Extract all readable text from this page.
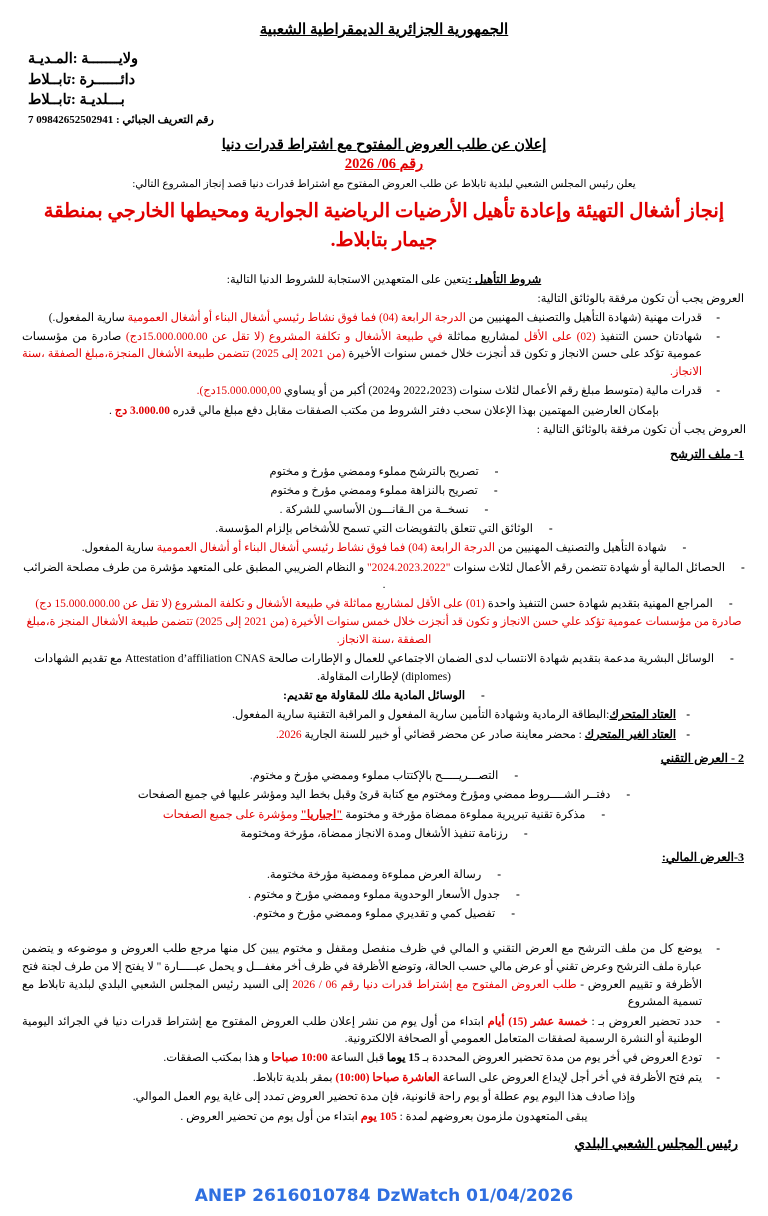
الجمهورية الجزائرية الديمقراطية الشعبية
ولايـــــــة :المـديـة
دائــــــرة :تابــلاط
بـــلديـة :تابــلاط
رقم التعريف الجبائي : 09842652502941 7
إعلان عن طلب العروض المفتوح مع اشتراط قدرات دنيا
رقم 06/ 2026
يعلن رئيس المجلس الشعبي لبلدية تابلاط عن طلب العروض المفتوح مع اشتراط قدرات دنيا قصد إنجاز المشروع التالي:
إنجاز أشغال التهيئة وإعادة تأهيل الأرضيات الرياضية الجوارية ومحيطها الخارجي بمنطقة جيمار بتابلاط.
شروط التأهيل :يتعين على المتعهدين الاستجابة للشروط الدنيا التالية:
العروض يجب أن تكون مرفقة بالوثائق التالية:
- قدرات مهنية (شهادة التأهيل والتصنيف المهنيين من الدرجة الرابعة (04) فما فوق نشاط رئيسي أشغال البناء أو أشغال العمومية سارية المفعول.)
- شهادتان حسن التنفيذ (02) على الأقل لمشاريع مماثلة في طبيعة الأشغال و تكلفة المشروع (لا تقل عن 15.000.000.00دج) صادرة من مؤسسات عمومية تؤكد على حسن الانجاز و تكون قد أنجزت خلال خمس سنوات الأخيرة (من 2021 إلى 2025) تتضمن طبيعة الأشغال المنجزة،مبلغ الصفقة ،سنة الانجاز.
- قدرات مالية (متوسط مبلغ رقم الأعمال لثلاث سنوات (2022،2023 و2024) أكبر من أو يساوي 15.000.000,00دج).
بإمكان العارضين المهتمين بهذا الإعلان سحب دفتر الشروط من مكتب الصفقات مقابل دفع مبلغ مالي قدره 3.000.00 دج .
العروض يجب أن تكون مرفقة بالوثائق التالية :
1- ملف الترشح
- تصريح بالترشح مملوء وممضي مؤرخ و مختوم
- تصريح بالنزاهة مملوء وممضي مؤرخ و مختوم
- نسخــة من الـقانـــون الأساسي للشركة .
- الوثائق التي تتعلق بالتفويضات التي تسمح للأشخاص بإلزام المؤسسة.
- شهادة التأهيل والتصنيف المهنيين من الدرجة الرابعة (04) فما فوق نشاط رئيسي أشغال البناء أو أشغال العمومية سارية المفعول.
- الحصائل المالية أو شهادة تتضمن رقم الأعمال لثلاث سنوات "2024.2023.2022" و النظام الضريبي المطبق على المتعهد مؤشرة من طرف مصلحة الضرائب .
- المراجع المهنية بتقديم شهادة حسن التنفيذ واحدة (01) على الأقل لمشاريع مماثلة في طبيعة الأشغال و تكلفة المشروع (لا تقل عن 15.000.000.00 دج) صادرة من مؤسسات عمومية تؤكد علي حسن الانجاز و تكون قد أنجزت خلال خمس سنوات الأخيرة (من 2021 إلى 2025) تتضمن طبيعة الأشغال المنجز ة،مبلغ الصفقة ،سنة الانجاز.
- الوسائل البشرية مدعمة بتقديم شهادة الانتساب لدى الضمان الاجتماعي للعمال و الإطارات صالحة Attestation d’affiliation CNAS مع تقديم الشهادات (diplomes) لإطارات المقاولة.
- الوسائل المادية ملك للمقاولة مع تقديم:
- العتاد المتحرك:البطاقة الرمادية وشهادة التأمين سارية المفعول و المراقبة التقنية سارية المفعول.
- العتاد الغير المتحرك : محضر معاينة صادر عن محضر قضائي أو خبير للسنة الجارية 2026.
2 - العرض التقني
- التصـــريـــــح بالإكتتاب مملوء وممضي مؤرخ و مختوم.
- دفتــر الشــــروط ممضي ومؤرخ ومختوم مع كتابة قرئ وقبل بخط اليد ومؤشر عليها في جميع الصفحات
- مذكرة تقنية تبريرية مملوءة ممضاة مؤرخة و مختومة "اجباريا" ومؤشرة على جميع الصفحات
- رزنامة تنفيذ الأشغال ومدة الانجاز ممضاة، مؤرخة ومختومة
3-العرض المالي:
- رسالة العرض مملوءة وممضية مؤرخة مختومة.
- جدول الأسعار الوحدوية مملوء وممضي مؤرخ و مختوم .
- تفصيل كمي و تقديري مملوء وممضي مؤرخ و مختوم.
- يوضع كل من ملف الترشح مع العرض التقني و المالي في ظرف منفصل ومقفل و مختوم يبين كل منها مرجع طلب العروض و موضوعه و يتضمن عبارة ملف الترشح وعرض تقني أو عرض مالي حسب الحالة، وتوضع الأظرفة في ظرف أخر مغفـــل و يحمل عبـــــارة " لا يفتح إلا من طرف لجنة فتح الأظرفة و تقييم العروض - طلب العروض المفتوح مع إشتراط قدرات دنيا رقم 06 / 2026 إلى السيد رئيس المجلس الشعبي البلدي لبلدية تابلاط مع تسمية المشروع
- حدد تحضير العروض بـ : خمسة عشر (15) أيام ابتداء من أول يوم من نشر إعلان طلب العروض المفتوح مع إشتراط قدرات دنيا في الجرائد اليومية الوطنية أو النشرة الرسمية لصفقات المتعامل العمومي أو الصحافة الالكترونية.
- تودع العروض في أخر يوم من مدة تحضير العروض المحددة بـ 15 يوما قبل الساعة 10:00 صباحا و هذا بمكتب الصفقات.
- يتم فتح الأظرفة في أخر أجل لإيداع العروض على الساعة العاشرة صباحا (10:00) بمقر بلدية تابلاط.
وإذا صادف هذا اليوم يوم عطلة أو يوم راحة قانونية، فإن مدة تحضير العروض تمدد إلى غاية يوم العمل الموالي.
يبقى المتعهدون ملزمون بعروضهم لمدة : 105 يوم ابتداء من أول يوم من تحضير العروض .
رئيس المجلس الشعبي البلدي
ANEP 2616010784 DzWatch 01/04/2026
